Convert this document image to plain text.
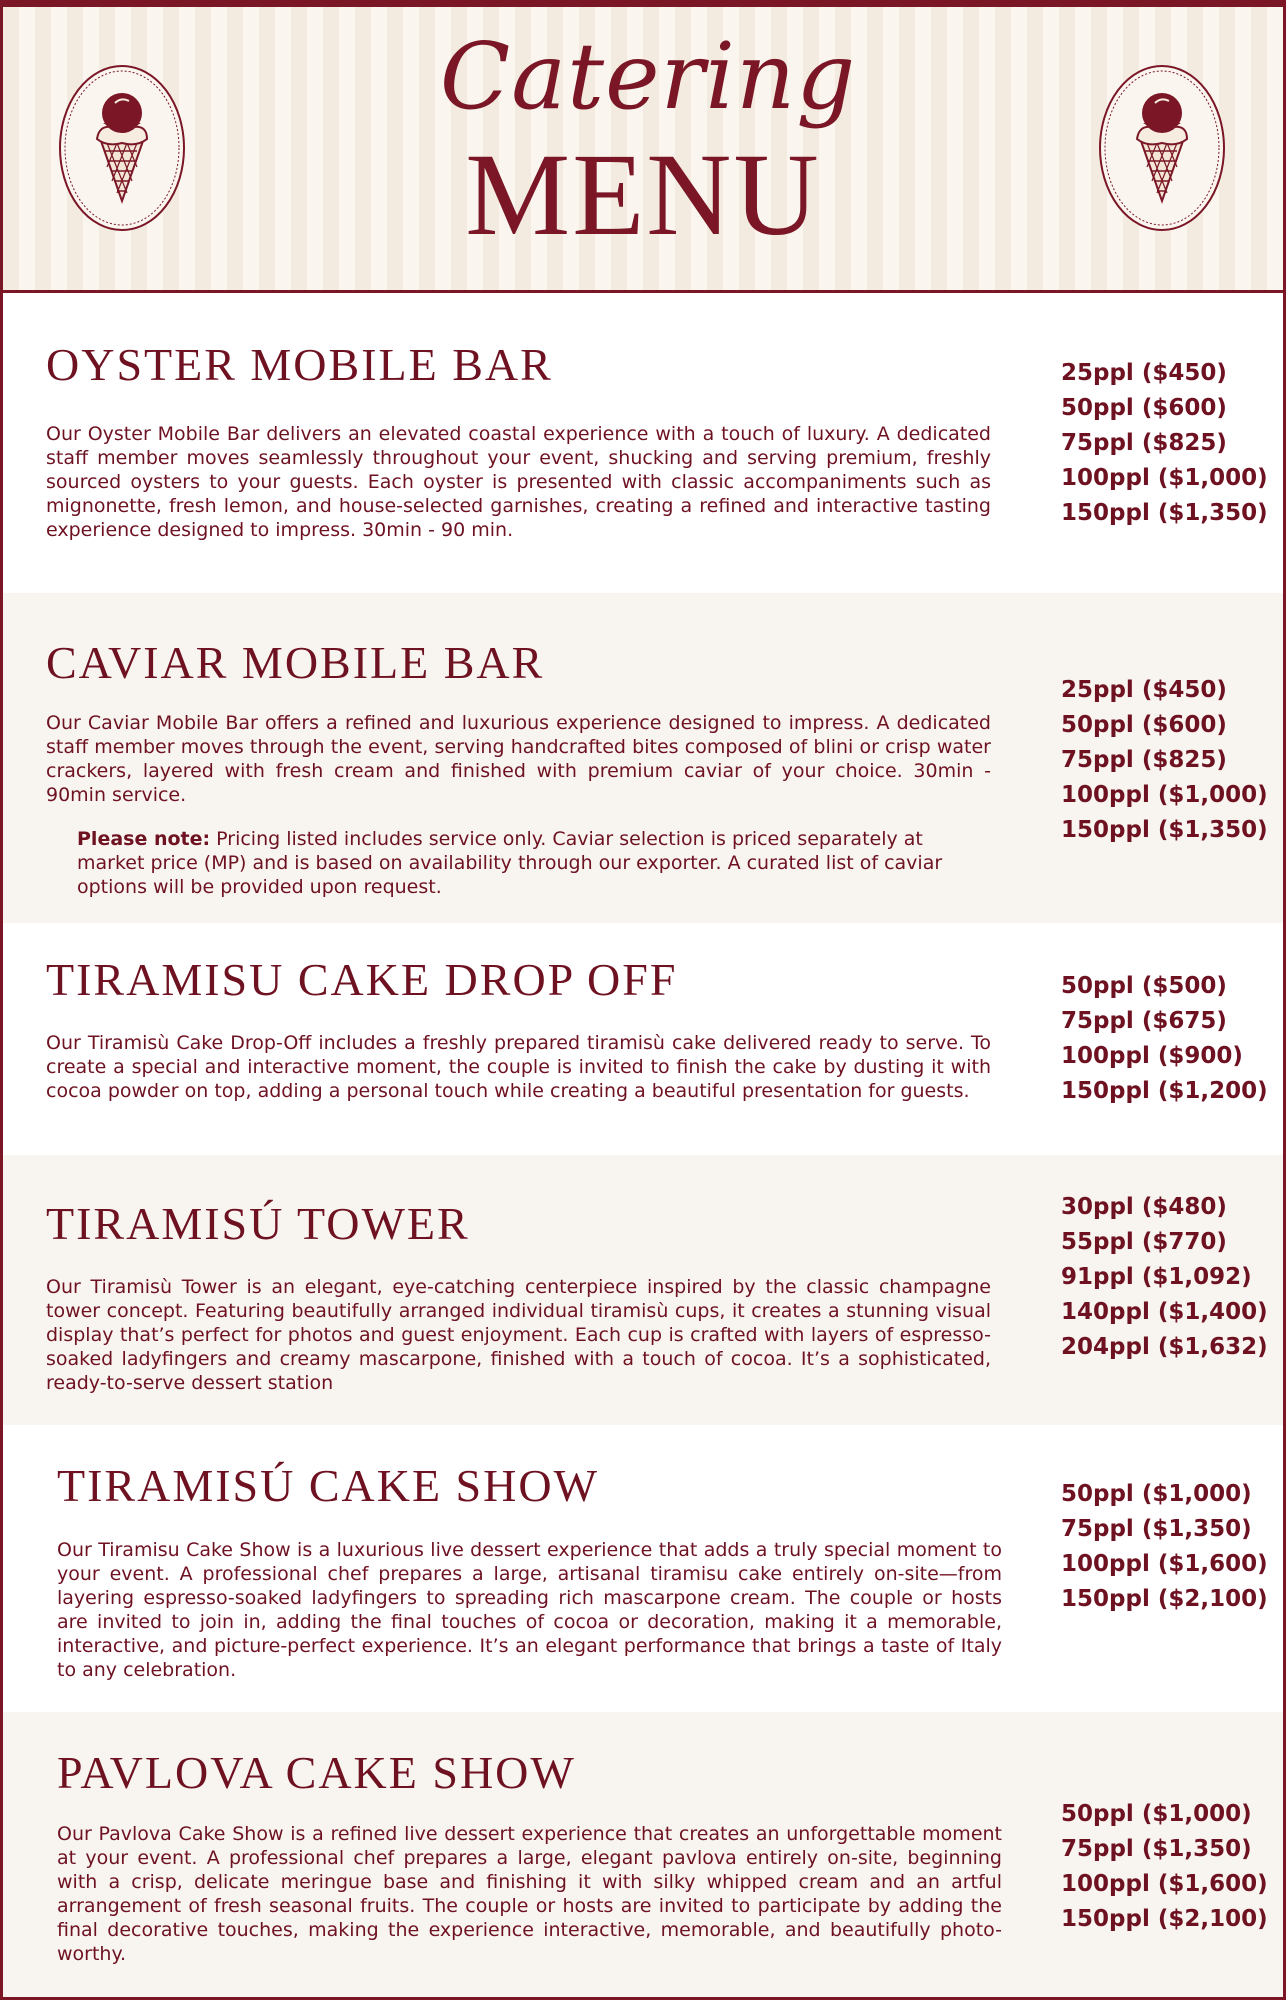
Catering
MENU
OYSTER MOBILE BAR

Our Oyster Mobile Bar delivers an elevated coastal experience with a touch of luxury. A dedicated staff member moves seamlessly throughout your event, shucking and serving premium, freshly sourced oysters to your guests. Each oyster is presented with classic accompaniments such as mignonette, fresh lemon, and house-selected garnishes, creating a refined and interactive tasting experience designed to impress. 30min - 90 min.

25ppl ($450)
50ppl ($600)
75ppl ($825)
100ppl ($1,000)
150ppl ($1,350)
CAVIAR MOBILE BAR

Our Caviar Mobile Bar offers a refined and luxurious experience designed to impress. A dedicated staff member moves through the event, serving handcrafted bites composed of blini or crisp water crackers, layered with fresh cream and finished with premium caviar of your choice. 30min - 90min service.

Please note: Pricing listed includes service only. Caviar selection is priced separately at market price (MP) and is based on availability through our exporter. A curated list of caviar options will be provided upon request.

25ppl ($450)
50ppl ($600)
75ppl ($825)
100ppl ($1,000)
150ppl ($1,350)
TIRAMISU CAKE DROP OFF

Our Tiramisù Cake Drop-Off includes a freshly prepared tiramisù cake delivered ready to serve. To create a special and interactive moment, the couple is invited to finish the cake by dusting it with cocoa powder on top, adding a personal touch while creating a beautiful presentation for guests.

50ppl ($500)
75ppl ($675)
100ppl ($900)
150ppl ($1,200)
TIRAMISÚ TOWER

Our Tiramisù Tower is an elegant, eye-catching centerpiece inspired by the classic champagne tower concept. Featuring beautifully arranged individual tiramisù cups, it creates a stunning visual display that’s perfect for photos and guest enjoyment. Each cup is crafted with layers of espresso-soaked ladyfingers and creamy mascarpone, finished with a touch of cocoa. It’s a sophisticated, ready-to-serve dessert station

30ppl ($480)
55ppl ($770)
91ppl ($1,092)
140ppl ($1,400)
204ppl ($1,632)
TIRAMISÚ CAKE SHOW

Our Tiramisu Cake Show is a luxurious live dessert experience that adds a truly special moment to your event. A professional chef prepares a large, artisanal tiramisu cake entirely on-site—from layering espresso-soaked ladyfingers to spreading rich mascarpone cream. The couple or hosts are invited to join in, adding the final touches of cocoa or decoration, making it a memorable, interactive, and picture-perfect experience. It’s an elegant performance that brings a taste of Italy to any celebration.

50ppl ($1,000)
75ppl ($1,350)
100ppl ($1,600)
150ppl ($2,100)
PAVLOVA CAKE SHOW

Our Pavlova Cake Show is a refined live dessert experience that creates an unforgettable moment at your event. A professional chef prepares a large, elegant pavlova entirely on-site, beginning with a crisp, delicate meringue base and finishing it with silky whipped cream and an artful arrangement of fresh seasonal fruits. The couple or hosts are invited to participate by adding the final decorative touches, making the experience interactive, memorable, and beautifully photo-worthy.

50ppl ($1,000)
75ppl ($1,350)
100ppl ($1,600)
150ppl ($2,100)
